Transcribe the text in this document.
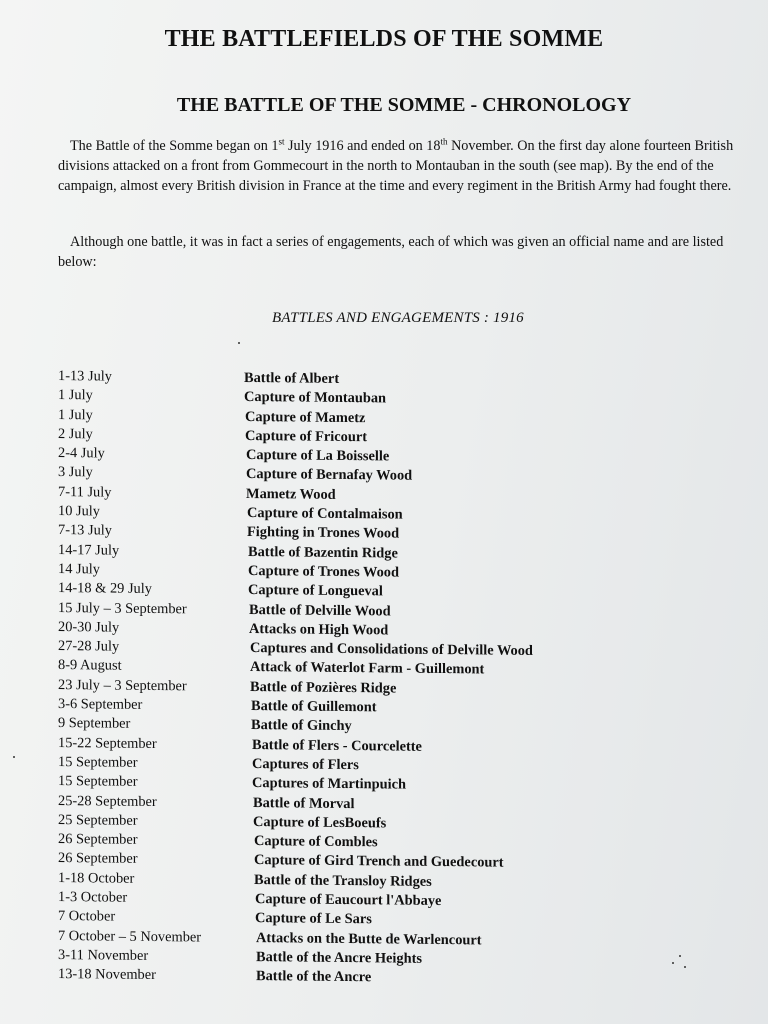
THE BATTLEFIELDS OF THE SOMME
THE BATTLE OF THE SOMME - CHRONOLOGY

The Battle of the Somme began on 1st July 1916 and ended on 18th November. On the first day alone fourteen British divisions attacked on a front from Gommecourt in the north to Montauban in the south (see map). By the end of the campaign, almost every British division in France at the time and every regiment in the British Army had fought there.

Although one battle, it was in fact a series of engagements, each of which was given an official name and are listed below:

BATTLES AND ENGAGEMENTS : 1916
1-13 July	Battle of Albert
1 July	Capture of Montauban
1 July	Capture of Mametz
2 July	Capture of Fricourt
2-4 July	Capture of La Boisselle
3 July	Capture of Bernafay Wood
7-11 July	Mametz Wood
10 July	Capture of Contalmaison
7-13 July	Fighting in Trones Wood
14-17 July	Battle of Bazentin Ridge
14 July	Capture of Trones Wood
14-18 & 29 July	Capture of Longueval
15 July – 3 September	Battle of Delville Wood
20-30 July	Attacks on High Wood
27-28 July	Captures and Consolidations of Delville Wood
8-9 August	Attack of Waterlot Farm - Guillemont
23 July – 3 September	Battle of Pozières Ridge
3-6 September	Battle of Guillemont
9 September	Battle of Ginchy
15-22 September	Battle of Flers - Courcelette
15 September	Captures of Flers
15 September	Captures of Martinpuich
25-28 September	Battle of Morval
25 September	Capture of LesBoeufs
26 September	Capture of Combles
26 September	Capture of Gird Trench and Guedecourt
1-18 October	Battle of the Transloy Ridges
1-3 October	Capture of Eaucourt l'Abbaye
7 October	Capture of Le Sars
7 October – 5 November	Attacks on the Butte de Warlencourt
3-11 November	Battle of the Ancre Heights
13-18 November	Battle of the Ancre
